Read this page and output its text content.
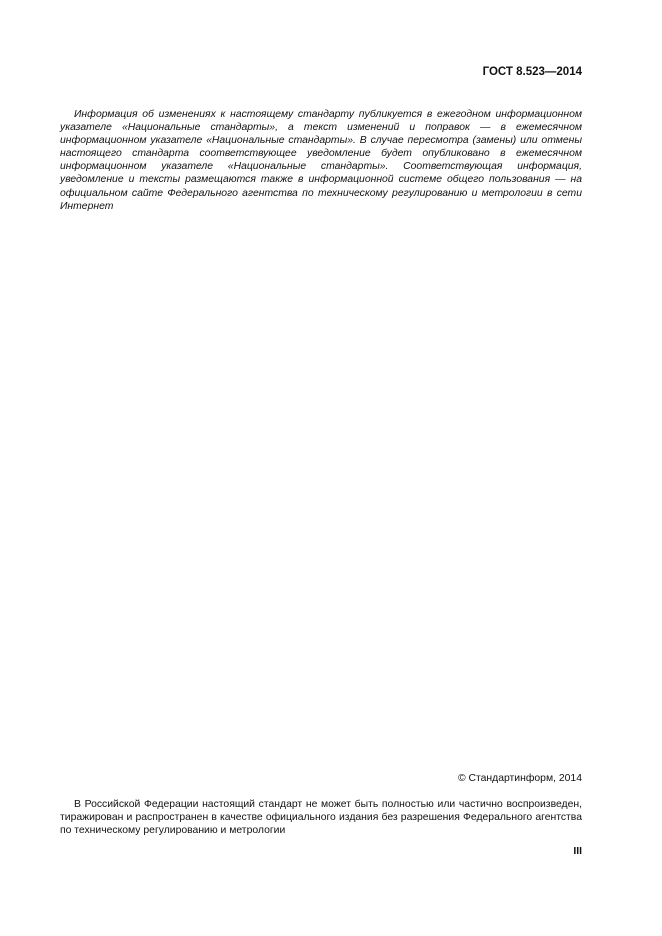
ГОСТ 8.523—2014

Информация об изменениях к настоящему стандарту публикуется в ежегодном информационном указателе «Национальные стандарты», а текст изменений и поправок — в ежемесячном информационном указателе «Национальные стандарты». В случае пересмотра (замены) или отмены настоящего стандарта соответствующее уведомление будет опубликовано в ежемесячном информационном указателе «Национальные стандарты». Соответствующая информация, уведомление и тексты размещаются также в информационной системе общего пользования — на официальном сайте Федерального агентства по техническому регулированию и метрологии в сети Интернет

© Стандартинформ, 2014

В Российской Федерации настоящий стандарт не может быть полностью или частично воспроизведен, тиражирован и распространен в качестве официального издания без разрешения Федерального агентства по техническому регулированию и метрологии

III
